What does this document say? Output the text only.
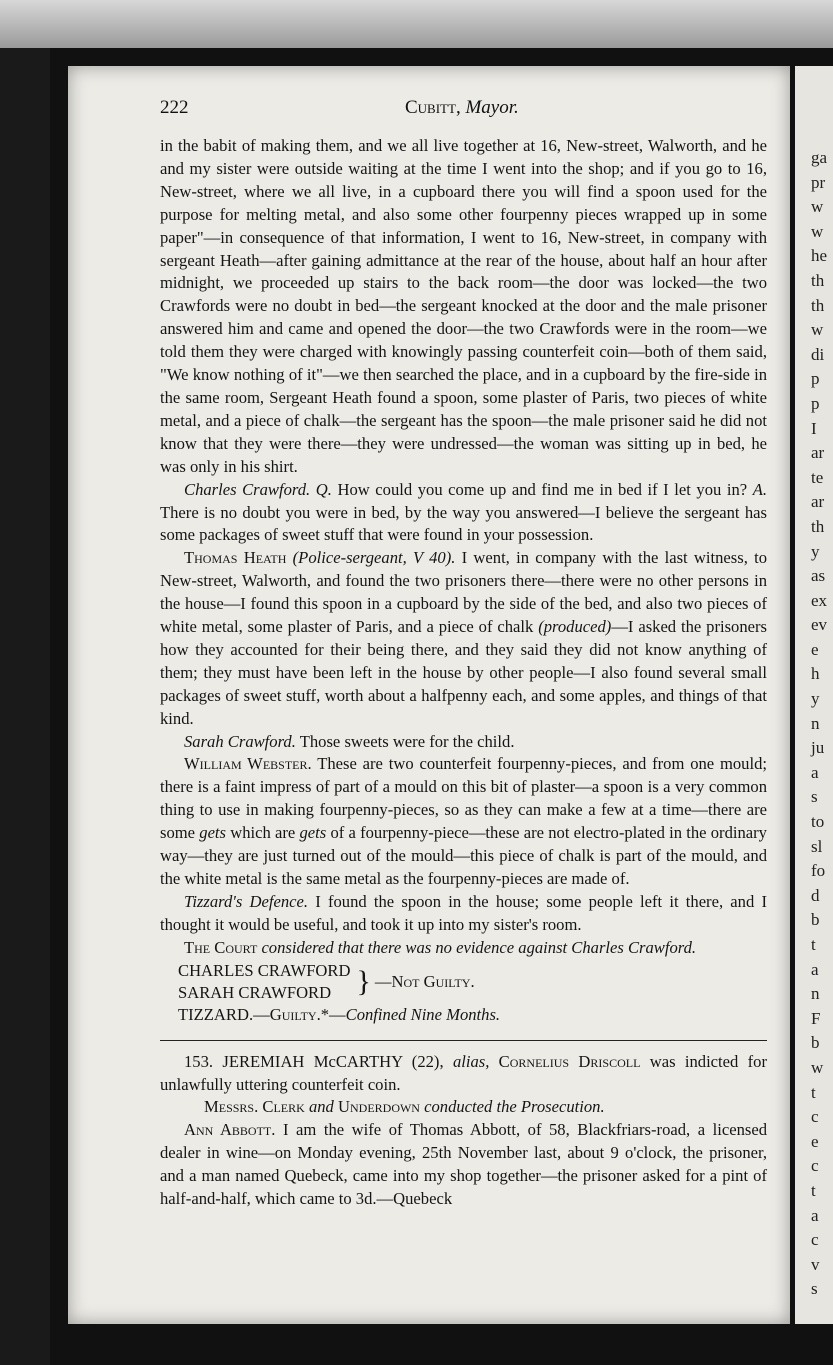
ga
pr
w
w
he
th
th
w
di
p
p
I
ar
te
ar
th
y
as
ex
ev
e
h
y
n
ju
a
s
to
sl
fo
d
b
t
a
n
F
b
w
t
c
e
c
t
a
c
v
s
222	Cubitt, Mayor.

in the babit of making them, and we all live together at 16, New-street, Walworth, and he and my sister were outside waiting at the time I went into the shop; and if you go to 16, New-street, where we all live, in a cupboard there you will find a spoon used for the purpose for melting metal, and also some other fourpenny pieces wrapped up in some paper"—in consequence of that information, I went to 16, New-street, in company with sergeant Heath—after gaining admittance at the rear of the house, about half an hour after midnight, we proceeded up stairs to the back room—the door was locked—the two Crawfords were no doubt in bed—the sergeant knocked at the door and the male prisoner answered him and came and opened the door—the two Crawfords were in the room—we told them they were charged with knowingly passing counterfeit coin—both of them said, "We know nothing of it"—we then searched the place, and in a cupboard by the fire-side in the same room, Sergeant Heath found a spoon, some plaster of Paris, two pieces of white metal, and a piece of chalk—the sergeant has the spoon—the male prisoner said he did not know that they were there—they were undressed—the woman was sitting up in bed, he was only in his shirt.

Charles Crawford. Q. How could you come up and find me in bed if I let you in? A. There is no doubt you were in bed, by the way you answered—I believe the sergeant has some packages of sweet stuff that were found in your possession.

Thomas Heath (Police-sergeant, V 40). I went, in company with the last witness, to New-street, Walworth, and found the two prisoners there—there were no other persons in the house—I found this spoon in a cupboard by the side of the bed, and also two pieces of white metal, some plaster of Paris, and a piece of chalk (produced)—I asked the prisoners how they accounted for their being there, and they said they did not know anything of them; they must have been left in the house by other people—I also found several small packages of sweet stuff, worth about a halfpenny each, and some apples, and things of that kind.

Sarah Crawford. Those sweets were for the child.

William Webster. These are two counterfeit fourpenny-pieces, and from one mould; there is a faint impress of part of a mould on this bit of plaster—a spoon is a very common thing to use in making fourpenny-pieces, so as they can make a few at a time—there are some gets which are gets of a fourpenny-piece—these are not electro-plated in the ordinary way—they are just turned out of the mould—this piece of chalk is part of the mould, and the white metal is the same metal as the fourpenny-pieces are made of.

Tizzard's Defence. I found the spoon in the house; some people left it there, and I thought it would be useful, and took it up into my sister's room.

The Court considered that there was no evidence against Charles Crawford.

CHARLES CRAWFORD
SARAH CRAWFORD } —Not Guilty.
TIZZARD.—Guilty.*—Confined Nine Months.

153. JEREMIAH McCARTHY (22), alias, Cornelius Driscoll was indicted for unlawfully uttering counterfeit coin.

Messrs. Clerk and Underdown conducted the Prosecution.

Ann Abbott. I am the wife of Thomas Abbott, of 58, Blackfriars-road, a licensed dealer in wine—on Monday evening, 25th November last, about 9 o'clock, the prisoner, and a man named Quebeck, came into my shop together—the prisoner asked for a pint of half-and-half, which came to 3d.—Quebeck
